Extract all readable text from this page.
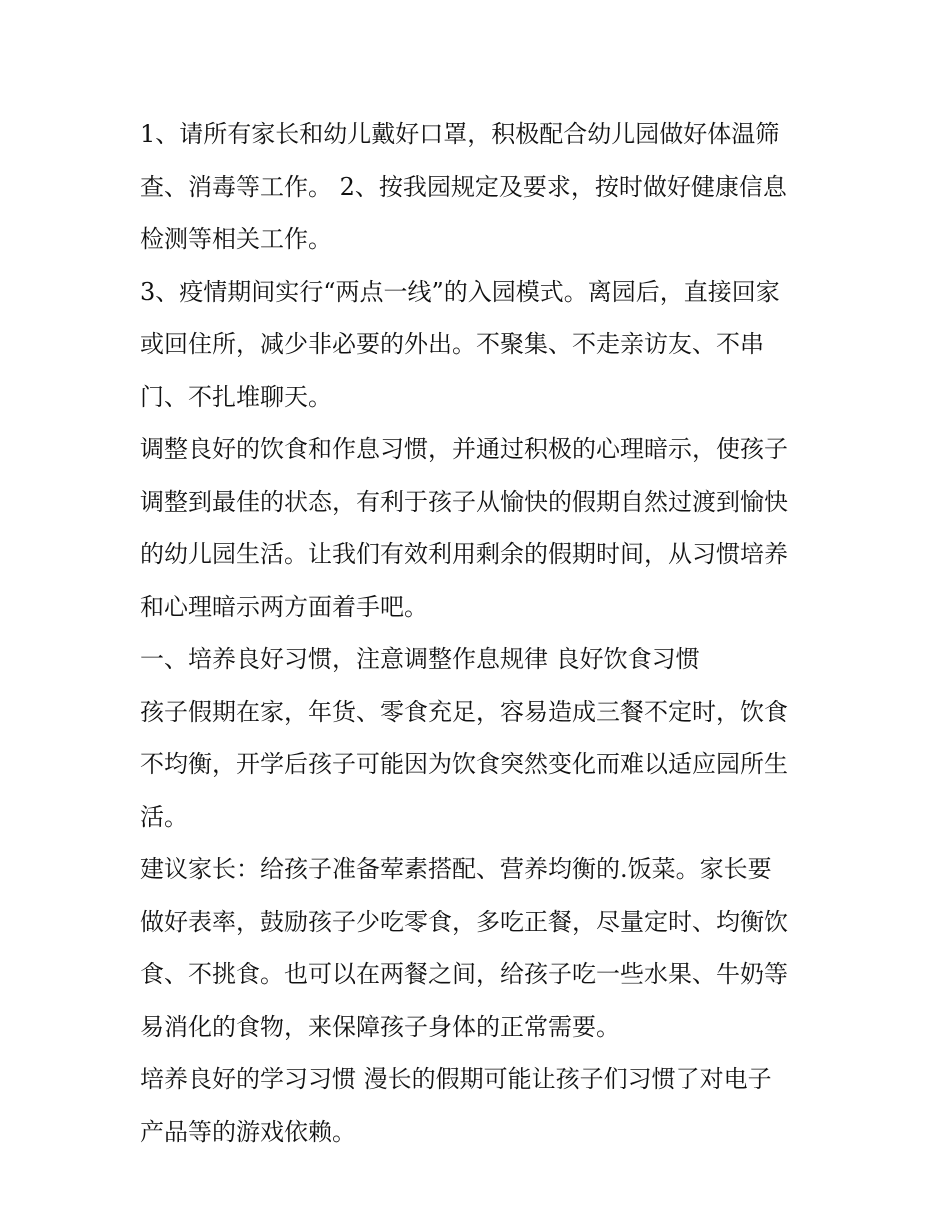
1、请所有家长和幼儿戴好口罩，积极配合幼儿园做好体温筛
查、消毒等工作。 2、按我园规定及要求，按时做好健康信息
检测等相关工作。
3、疫情期间实行“两点一线”的入园模式。离园后，直接回家
或回住所，减少非必要的外出。不聚集、不走亲访友、不串
门、不扎堆聊天。
调整良好的饮食和作息习惯，并通过积极的心理暗示，使孩子
调整到最佳的状态，有利于孩子从愉快的假期自然过渡到愉快
的幼儿园生活。让我们有效利用剩余的假期时间，从习惯培养
和心理暗示两方面着手吧。
一、培养良好习惯，注意调整作息规律 良好饮食习惯
孩子假期在家，年货、零食充足，容易造成三餐不定时，饮食
不均衡，开学后孩子可能因为饮食突然变化而难以适应园所生
活。
建议家长：给孩子准备荤素搭配、营养均衡的.饭菜。家长要
做好表率，鼓励孩子少吃零食，多吃正餐，尽量定时、均衡饮
食、不挑食。也可以在两餐之间，给孩子吃一些水果、牛奶等
易消化的食物，来保障孩子身体的正常需要。
培养良好的学习习惯 漫长的假期可能让孩子们习惯了对电子
产品等的游戏依赖。
